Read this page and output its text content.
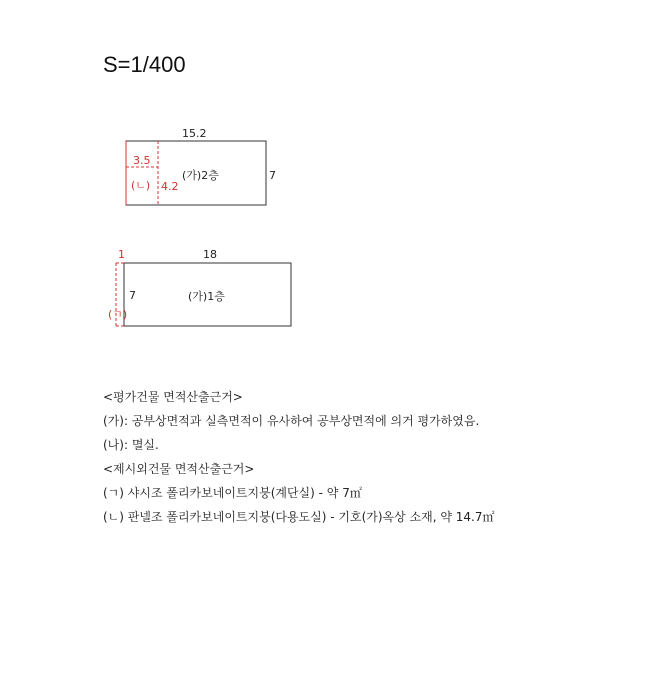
S=1/400
15.2
7
(가)2층
3.5
4.2
(ㄴ)
18
7	(가)1층
1
(ㄱ)
<평가건물 면적산출근거>
(가): 공부상면적과 실측면적이 유사하여 공부상면적에 의거 평가하였음.
(나): 멸실.
<제시외건물 면적산출근거>
(ㄱ) 샤시조 폴리카보네이트지붕(계단실) - 약 7㎡
(ㄴ) 판넬조 폴리카보네이트지붕(다용도실) - 기호(가)옥상 소재, 약 14.7㎡
